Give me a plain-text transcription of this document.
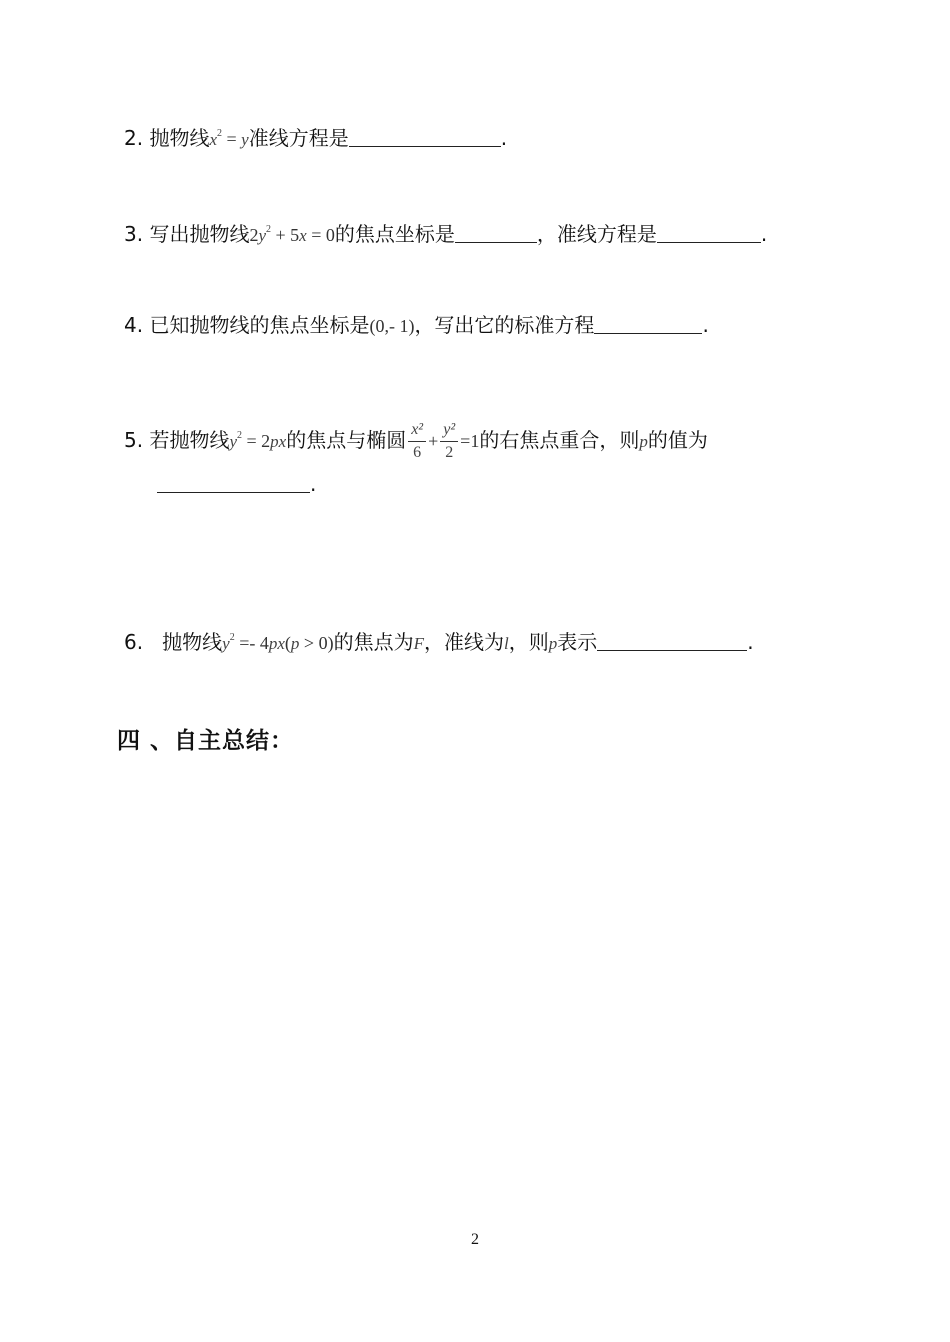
2. 抛物线$x^2 = y$准线方程是	.
3. 写出抛物线$2y^2 + 5x = 0$的焦点坐标是	，准线方程是	.
4. 已知抛物线的焦点坐标是(0,- 1)，写出它的标准方程	.
5. 若抛物线$y^2 = 2px$的焦点与椭圆 $\frac{\text{x²}}{6} + \frac{\text{y²}}{2} =1$的右焦点重合，则p的值为
.
6. 抛物线$y^2 =- 4px(p > 0)$的焦点为F，准线为l，则p表示	.
四 、自主总结：
2
